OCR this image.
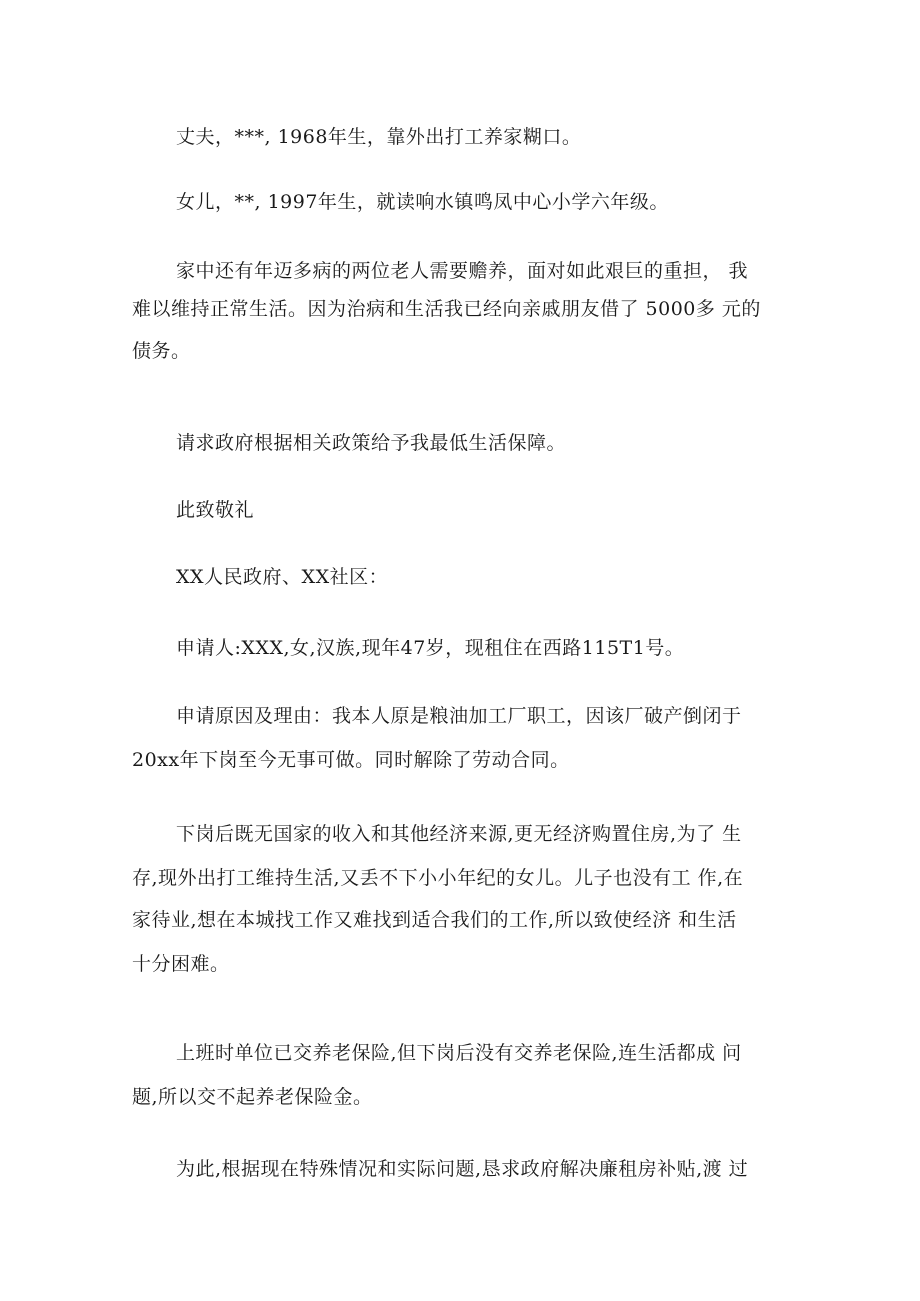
丈夫，***, 1968年生，靠外出打工养家糊口。
女儿，**, 1997年生，就读响水镇鸣凤中心小学六年级。
家中还有年迈多病的两位老人需要赡养，面对如此艰巨的重担， 我
难以维持正常生活。因为治病和生活我已经向亲戚朋友借了 5000多 元的
债务。
请求政府根据相关政策给予我最低生活保障。
此致敬礼
XX人民政府、XX社区：
申请人:XXX,女,汉族,现年47岁，现租住在西路115T1号。
申请原因及理由：我本人原是粮油加工厂职工，因该厂破产倒闭于
20xx年下岗至今无事可做。同时解除了劳动合同。
下岗后既无国家的收入和其他经济来源,更无经济购置住房,为了 生
存,现外出打工维持生活,又丢不下小小年纪的女儿。儿子也没有工 作,在
家待业,想在本城找工作又难找到适合我们的工作,所以致使经济 和生活
十分困难。
上班时单位已交养老保险,但下岗后没有交养老保险,连生活都成 问
题,所以交不起养老保险金。
为此,根据现在特殊情况和实际问题,恳求政府解决廉租房补贴,渡 过
